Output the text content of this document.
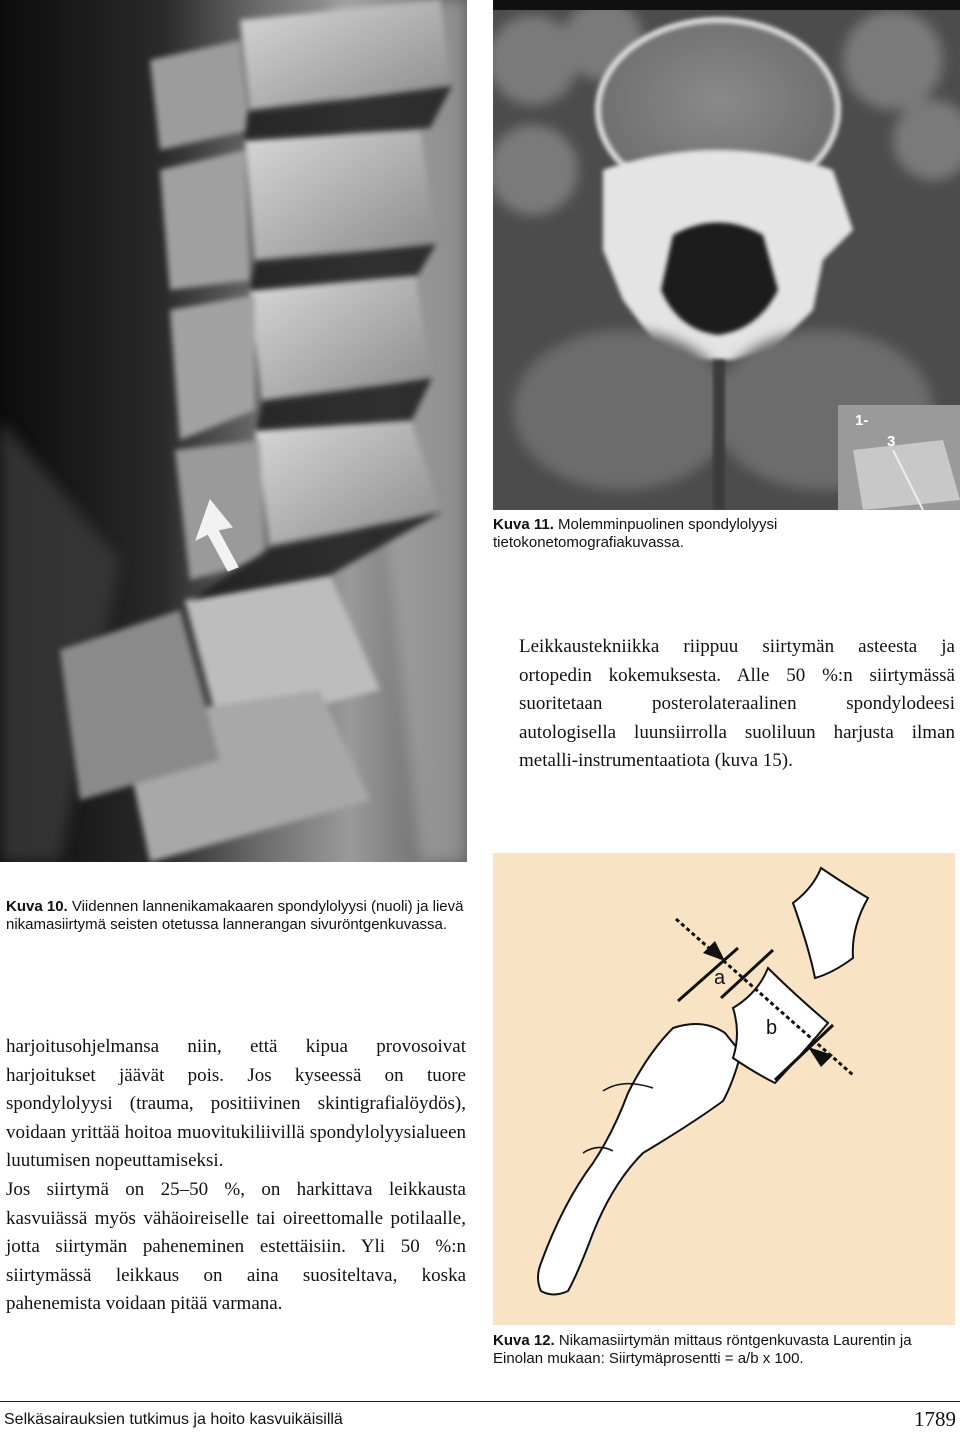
1-
3
Kuva 11. Molemminpuolinen spondylolyysi tietokonetomografiakuvassa.
Leikkaustekniikka riippuu siirtymän asteesta ja ortopedin kokemuksesta. Alle 50 %:n siirtymässä suoritetaan posterolateraalinen spondylodeesi autologisella luunsiirrolla suoliluun harjusta ilman metalli-instrumentaatiota (kuva 15).
Kuva 10. Viidennen lannenikamakaaren spondylolyysi (nuoli) ja lievä nikamasiirtymä seisten otetussa lannerangan sivuröntgenkuvassa.

harjoitusohjelmansa niin, että kipua provosoivat harjoitukset jäävät pois. Jos kyseessä on tuore spondylolyysi (trauma, positiivinen skintigrafialöydös), voidaan yrittää hoitoa muovitukiliivillä spondylolyysialueen luutumisen nopeuttamiseksi.

Jos siirtymä on 25–50 %, on harkittava leikkausta kasvuiässä myös vähäoireiselle tai oireettomalle potilaalle, jotta siirtymän paheneminen estettäisiin. Yli 50 %:n siirtymässä leikkaus on aina suositeltava, koska pahenemista voidaan pitää varmana.

a
b
Kuva 12. Nikamasiirtymän mittaus röntgenkuvasta Laurentin ja Einolan mukaan: Siirtymäprosentti = a/b x 100.
Selkäsairauksien tutkimus ja hoito kasvuikäisillä	1789
